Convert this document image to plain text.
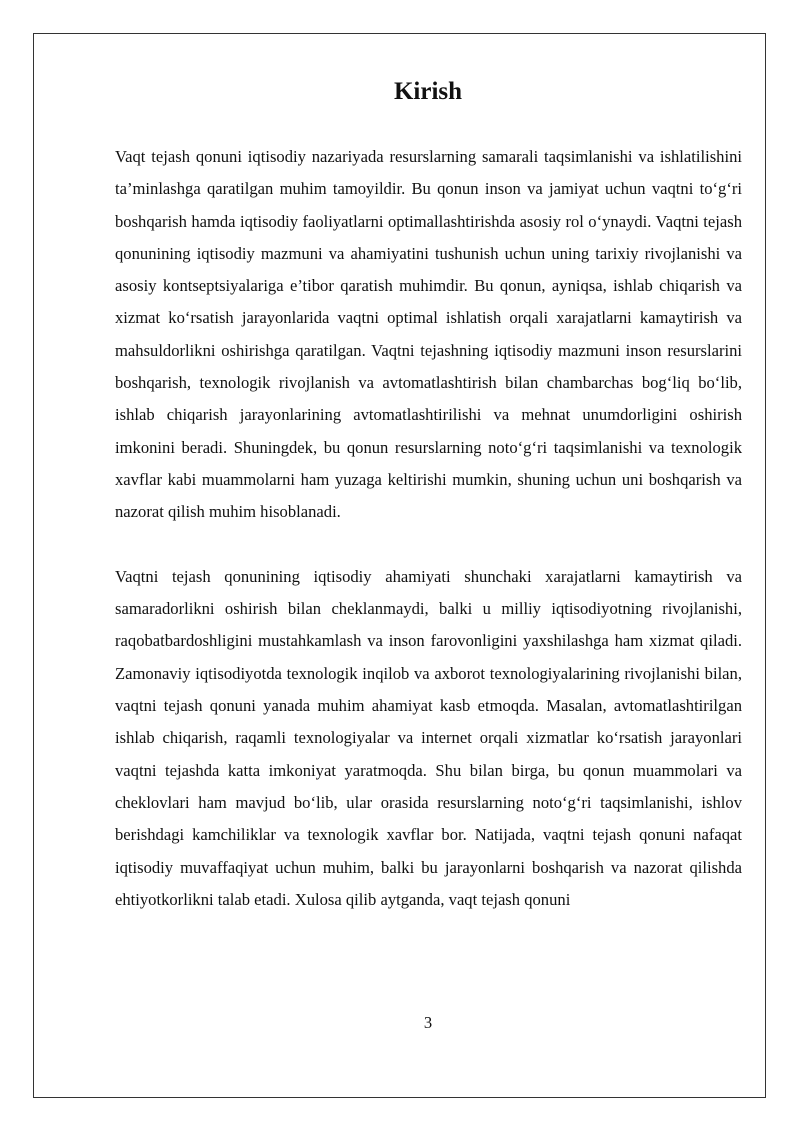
Kirish

Vaqt tejash qonuni iqtisodiy nazariyada resurslarning samarali taqsimlanishi va ishlatilishini ta’minlashga qaratilgan muhim tamoyildir. Bu qonun inson va jamiyat uchun vaqtni to‘g‘ri boshqarish hamda iqtisodiy faoliyatlarni optimallashtirishda asosiy rol o‘ynaydi. Vaqtni tejash qonunining iqtisodiy mazmuni va ahamiyatini tushunish uchun uning tarixiy rivojlanishi va asosiy kontseptsiyalariga e’tibor qaratish muhimdir. Bu qonun, ayniqsa, ishlab chiqarish va xizmat ko‘rsatish jarayonlarida vaqtni optimal ishlatish orqali xarajatlarni kamaytirish va mahsuldorlikni oshirishga qaratilgan. Vaqtni tejashning iqtisodiy mazmuni inson resurslarini boshqarish, texnologik rivojlanish va avtomatlashtirish bilan chambarchas bog‘liq bo‘lib, ishlab chiqarish jarayonlarining avtomatlashtirilishi va mehnat unumdorligini oshirish imkonini beradi. Shuningdek, bu qonun resurslarning noto‘g‘ri taqsimlanishi va texnologik xavflar kabi muammolarni ham yuzaga keltirishi mumkin, shuning uchun uni boshqarish va nazorat qilish muhim hisoblanadi.

Vaqtni tejash qonunining iqtisodiy ahamiyati shunchaki xarajatlarni kamaytirish va samaradorlikni oshirish bilan cheklanmaydi, balki u milliy iqtisodiyotning rivojlanishi, raqobatbardoshligini mustahkamlash va inson farovonligini yaxshilashga ham xizmat qiladi. Zamonaviy iqtisodiyotda texnologik inqilob va axborot texnologiyalarining rivojlanishi bilan, vaqtni tejash qonuni yanada muhim ahamiyat kasb etmoqda. Masalan, avtomatlashtirilgan ishlab chiqarish, raqamli texnologiyalar va internet orqali xizmatlar ko‘rsatish jarayonlari vaqtni tejashda katta imkoniyat yaratmoqda. Shu bilan birga, bu qonun muammolari va cheklovlari ham mavjud bo‘lib, ular orasida resurslarning noto‘g‘ri taqsimlanishi, ishlov berishdagi kamchiliklar va texnologik xavflar bor. Natijada, vaqtni tejash qonuni nafaqat iqtisodiy muvaffaqiyat uchun muhim, balki bu jarayonlarni boshqarish va nazorat qilishda ehtiyotkorlikni talab etadi. Xulosa qilib aytganda, vaqt tejash qonuni

3
